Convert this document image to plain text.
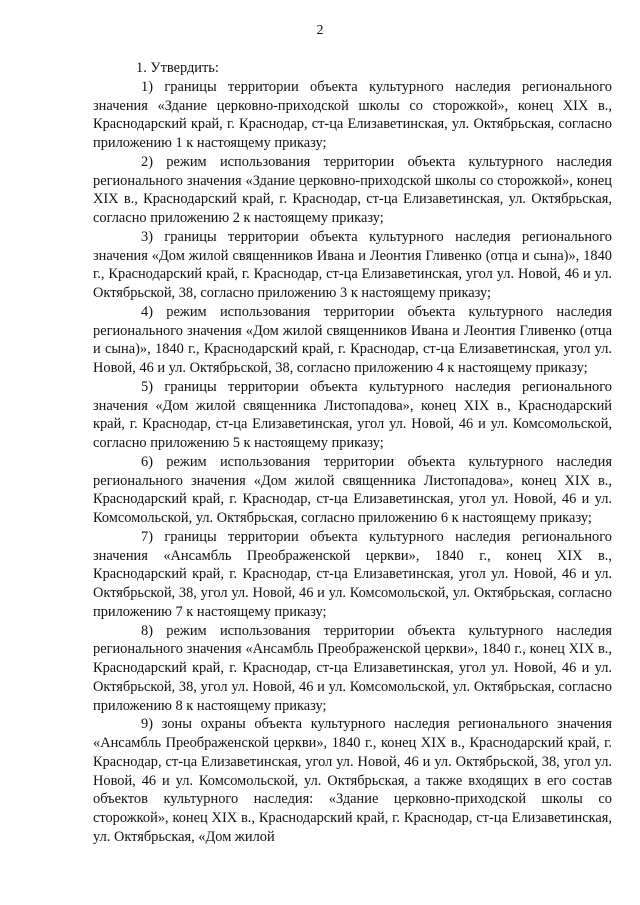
2

1. Утвердить:

1) границы территории объекта культурного наследия регионального значения «Здание церковно-приходской школы со сторожкой», конец XIX в., Краснодарский край, г. Краснодар, ст-ца Елизаветинская, ул. Октябрьская, согласно приложению 1 к настоящему приказу;

2) режим использования территории объекта культурного наследия регионального значения «Здание церковно-приходской школы со сторожкой», конец XIX в., Краснодарский край, г. Краснодар, ст-ца Елизаветинская, ул. Октябрьская, согласно приложению 2 к настоящему приказу;

3) границы территории объекта культурного наследия регионального значения «Дом жилой священников Ивана и Леонтия Гливенко (отца и сына)», 1840 г., Краснодарский край, г. Краснодар, ст-ца Елизаветинская, угол ул. Новой, 46 и ул. Октябрьской, 38, согласно приложению 3 к настоящему приказу;

4) режим использования территории объекта культурного наследия регионального значения «Дом жилой священников Ивана и Леонтия Гливенко (отца и сына)», 1840 г., Краснодарский край, г. Краснодар, ст-ца Елизаветинская, угол ул. Новой, 46 и ул. Октябрьской, 38, согласно приложению 4 к настоящему приказу;

5) границы территории объекта культурного наследия регионального значения «Дом жилой священника Листопадова», конец XIX в., Краснодарский край, г. Краснодар, ст-ца Елизаветинская, угол ул. Новой, 46 и ул. Комсомольской, согласно приложению 5 к настоящему приказу;

6) режим использования территории объекта культурного наследия регионального значения «Дом жилой священника Листопадова», конец XIX в., Краснодарский край, г. Краснодар, ст-ца Елизаветинская, угол ул. Новой, 46 и ул. Комсомольской, ул. Октябрьская, согласно приложению 6 к настоящему приказу;

7) границы территории объекта культурного наследия регионального значения «Ансамбль Преображенской церкви», 1840 г., конец XIX в., Краснодарский край, г. Краснодар, ст-ца Елизаветинская, угол ул. Новой, 46 и ул. Октябрьской, 38, угол ул. Новой, 46 и ул. Комсомольской, ул. Октябрьская, согласно приложению 7 к настоящему приказу;

8) режим использования территории объекта культурного наследия регионального значения «Ансамбль Преображенской церкви», 1840 г., конец XIX в., Краснодарский край, г. Краснодар, ст-ца Елизаветинская, угол ул. Новой, 46 и ул. Октябрьской, 38, угол ул. Новой, 46 и ул. Комсомольской, ул. Октябрьская, согласно приложению 8 к настоящему приказу;

9) зоны охраны объекта культурного наследия регионального значения «Ансамбль Преображенской церкви», 1840 г., конец XIX в., Краснодарский край, г. Краснодар, ст-ца Елизаветинская, угол ул. Новой, 46 и ул. Октябрьской, 38, угол ул. Новой, 46 и ул. Комсомольской, ул. Октябрьская, а также входящих в его состав объектов культурного наследия: «Здание церковно-приходской школы со сторожкой», конец XIX в., Краснодарский край, г. Краснодар, ст-ца Елизаветинская, ул. Октябрьская, «Дом жилой
